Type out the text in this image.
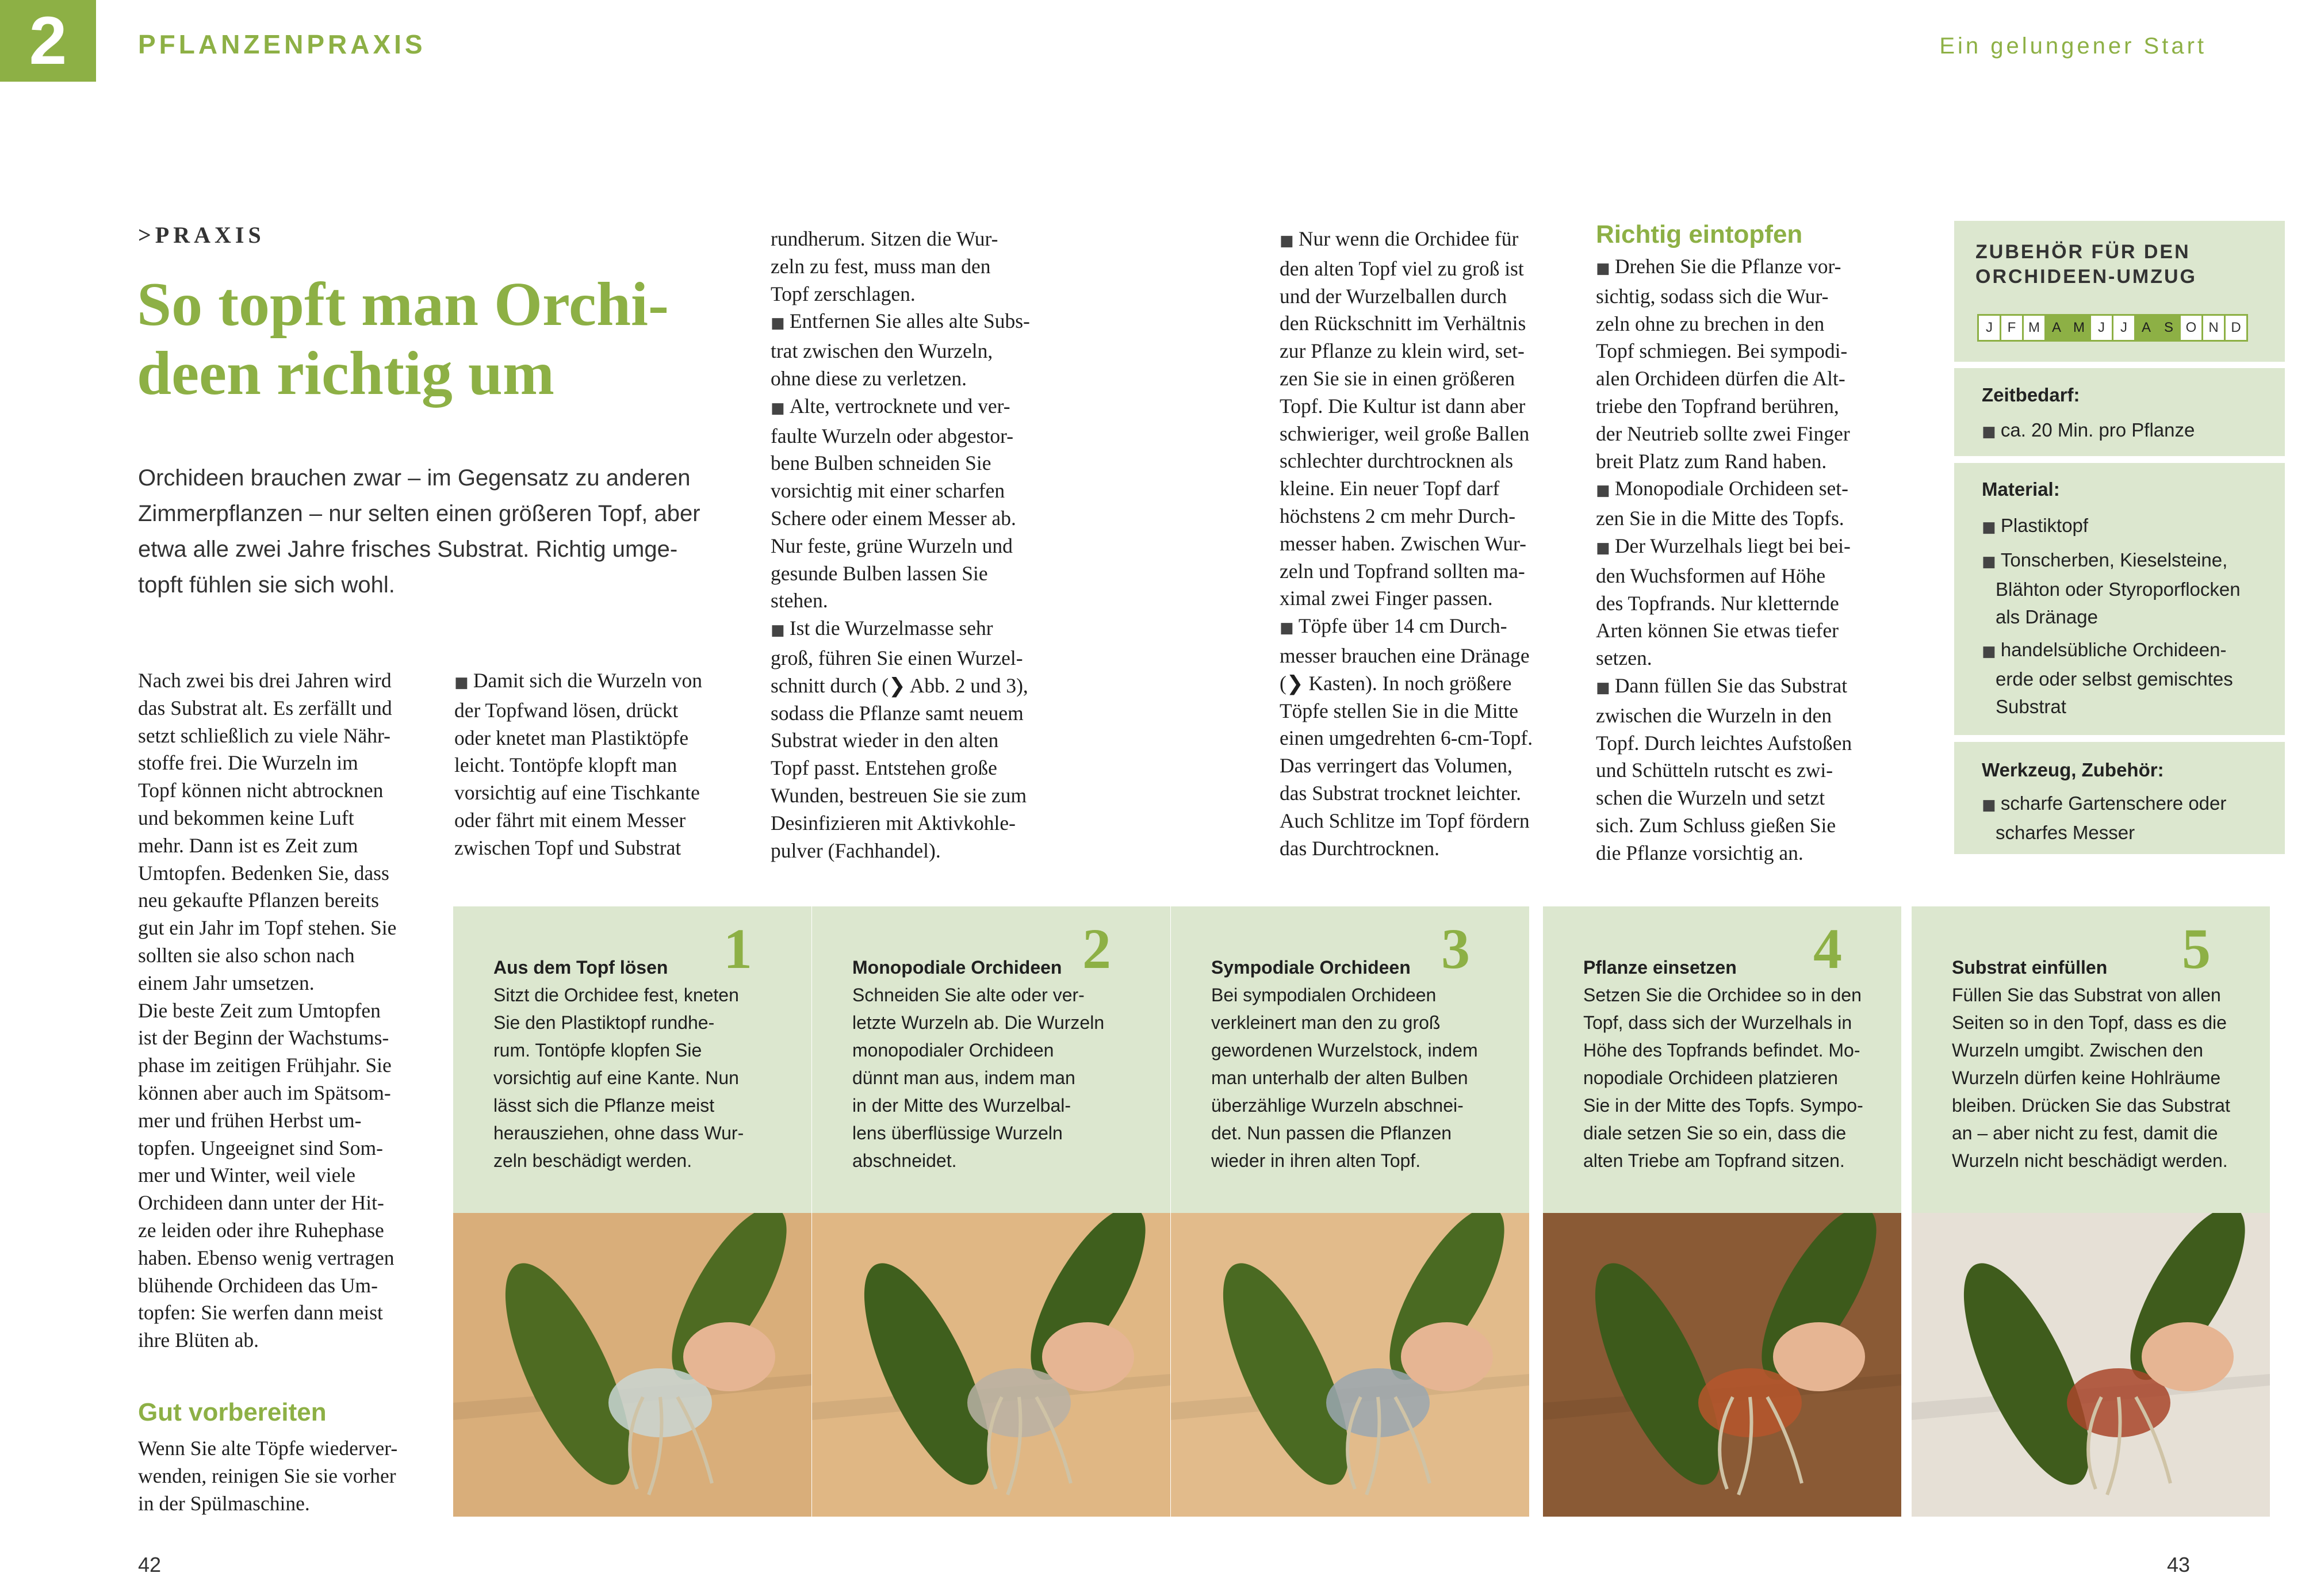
2	PFLANZENPRAXIS	Ein gelungener Start
>PRAXIS
So topft man Orchi-
deen richtig um
Orchideen brauchen zwar – im Gegensatz zu anderen
Zimmerpflanzen – nur selten einen größeren Topf, aber
etwa alle zwei Jahre frisches Substrat. Richtig umge-
topft fühlen sie sich wohl.
Nach zwei bis drei Jahren wird
das Substrat alt. Es zerfällt und
setzt schließlich zu viele Nähr-
stoffe frei. Die Wurzeln im
Topf können nicht abtrocknen
und bekommen keine Luft
mehr. Dann ist es Zeit zum
Umtopfen. Bedenken Sie, dass
neu gekaufte Pflanzen bereits
gut ein Jahr im Topf stehen. Sie
sollten sie also schon nach
einem Jahr umsetzen.
Die beste Zeit zum Umtopfen
ist der Beginn der Wachstums-
phase im zeitigen Frühjahr. Sie
können aber auch im Spätsom-
mer und frühen Herbst um-
topfen. Ungeeignet sind Som-
mer und Winter, weil viele
Orchideen dann unter der Hit-
ze leiden oder ihre Ruhephase
haben. Ebenso wenig vertragen
blühende Orchideen das Um-
topfen: Sie werfen dann meist
ihre Blüten ab.
Gut vorbereiten
Wenn Sie alte Töpfe wiederver-
wenden, reinigen Sie sie vorher
in der Spülmaschine.
■ Damit sich die Wurzeln von
der Topfwand lösen, drückt
oder knetet man Plastiktöpfe
leicht. Tontöpfe klopft man
vorsichtig auf eine Tischkante
oder fährt mit einem Messer
zwischen Topf und Substrat
rundherum. Sitzen die Wur-
zeln zu fest, muss man den
Topf zerschlagen.
■ Entfernen Sie alles alte Subs-
trat zwischen den Wurzeln,
ohne diese zu verletzen.
■ Alte, vertrocknete und ver-
faulte Wurzeln oder abgestor-
bene Bulben schneiden Sie
vorsichtig mit einer scharfen
Schere oder einem Messer ab.
Nur feste, grüne Wurzeln und
gesunde Bulben lassen Sie
stehen.
■ Ist die Wurzelmasse sehr
groß, führen Sie einen Wurzel-
schnitt durch (❯ Abb. 2 und 3),
sodass die Pflanze samt neuem
Substrat wieder in den alten
Topf passt. Entstehen große
Wunden, bestreuen Sie sie zum
Desinfizieren mit Aktivkohle-
pulver (Fachhandel).
■ Nur wenn die Orchidee für
den alten Topf viel zu groß ist
und der Wurzelballen durch
den Rückschnitt im Verhältnis
zur Pflanze zu klein wird, set-
zen Sie sie in einen größeren
Topf. Die Kultur ist dann aber
schwieriger, weil große Ballen
schlechter durchtrocknen als
kleine. Ein neuer Topf darf
höchstens 2 cm mehr Durch-
messer haben. Zwischen Wur-
zeln und Topfrand sollten ma-
ximal zwei Finger passen.
■ Töpfe über 14 cm Durch-
messer brauchen eine Dränage
(❯ Kasten). In noch größere
Töpfe stellen Sie in die Mitte
einen umgedrehten 6-cm-Topf.
Das verringert das Volumen,
das Substrat trocknet leichter.
Auch Schlitze im Topf fördern
das Durchtrocknen.
Richtig eintopfen
■ Drehen Sie die Pflanze vor-
sichtig, sodass sich die Wur-
zeln ohne zu brechen in den
Topf schmiegen. Bei sympodi-
alen Orchideen dürfen die Alt-
triebe den Topfrand berühren,
der Neutrieb sollte zwei Finger
breit Platz zum Rand haben.
■ Monopodiale Orchideen set-
zen Sie in die Mitte des Topfs.
■ Der Wurzelhals liegt bei bei-
den Wuchsformen auf Höhe
des Topfrands. Nur kletternde
Arten können Sie etwas tiefer
setzen.
■ Dann füllen Sie das Substrat
zwischen die Wurzeln in den
Topf. Durch leichtes Aufstoßen
und Schütteln rutscht es zwi-
schen die Wurzeln und setzt
sich. Zum Schluss gießen Sie
die Pflanze vorsichtig an.
ZUBEHÖR FÜR DEN
ORCHIDEEN-UMZUG
J	F M A M J	J	A S O N D
Zeitbedarf:
■ ca. 20 Min. pro Pflanze
Material:
■ Plastiktopf
■ Tonscherben, Kieselsteine,
Blähton oder Styroporflocken
als Dränage
■ handelsübliche Orchideen-
erde oder selbst gemischtes
Substrat
Werkzeug, Zubehör:
■ scharfe Gartenschere oder
scharfes Messer
1
Aus dem Topf lösen
Sitzt die Orchidee fest, kneten
Sie den Plastiktopf rundhe-
rum. Tontöpfe klopfen Sie
vorsichtig auf eine Kante. Nun
lässt sich die Pflanze meist
herausziehen, ohne dass Wur-
zeln beschädigt werden.
2
Monopodiale Orchideen
Schneiden Sie alte oder ver-
letzte Wurzeln ab. Die Wurzeln
monopodialer Orchideen
dünnt man aus, indem man
in der Mitte des Wurzelbal-
lens überflüssige Wurzeln
abschneidet.
3
Sympodiale Orchideen
Bei sympodialen Orchideen
verkleinert man den zu groß
gewordenen Wurzelstock, indem
man unterhalb der alten Bulben
überzählige Wurzeln abschnei-
det. Nun passen die Pflanzen
wieder in ihren alten Topf.
4
Pflanze einsetzen
Setzen Sie die Orchidee so in den
Topf, dass sich der Wurzelhals in
Höhe des Topfrands befindet. Mo-
nopodiale Orchideen platzieren
Sie in der Mitte des Topfs. Sympo-
diale setzen Sie so ein, dass die
alten Triebe am Topfrand sitzen.
5
Substrat einfüllen
Füllen Sie das Substrat von allen
Seiten so in den Topf, dass es die
Wurzeln umgibt. Zwischen den
Wurzeln dürfen keine Hohlräume
bleiben. Drücken Sie das Substrat
an – aber nicht zu fest, damit die
Wurzeln nicht beschädigt werden.
42	43
